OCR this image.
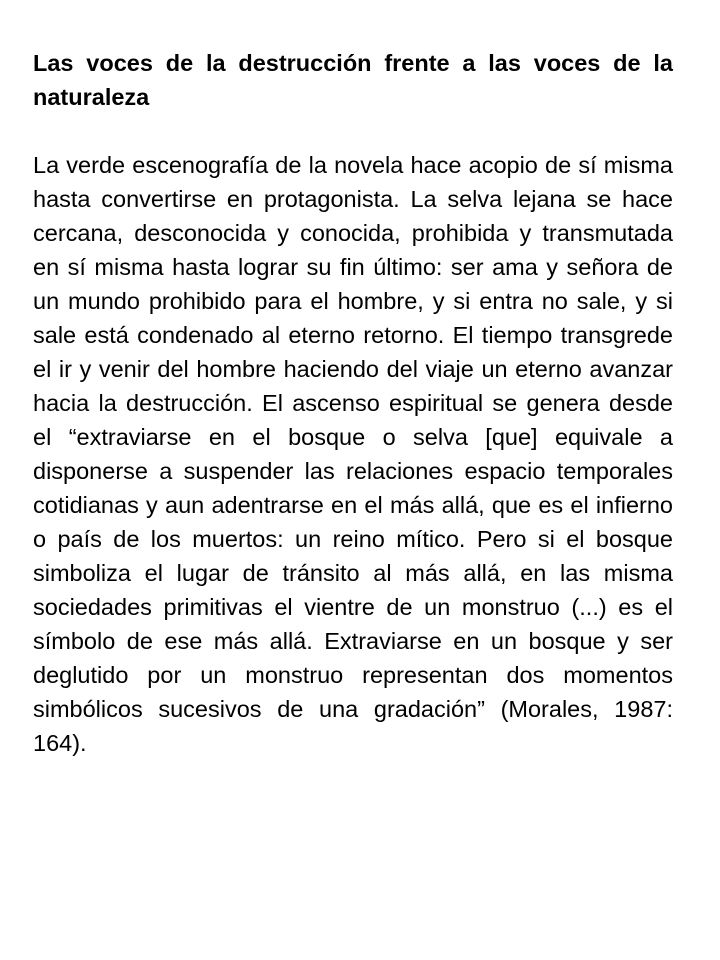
Las voces de la destrucción frente a las voces de la naturaleza

La verde escenografía de la novela hace acopio de sí misma hasta convertirse en protagonista. La selva lejana se hace cercana, desconocida y conocida, prohibida y transmutada en sí misma hasta lograr su fin último: ser ama y señora de un mundo prohibido para el hombre, y si entra no sale, y si sale está condenado al eterno retorno. El tiempo transgrede el ir y venir del hombre haciendo del viaje un eterno avanzar hacia la destrucción. El ascenso espiritual se genera desde el “extraviarse en el bosque o selva [que] equivale a disponerse a suspender las relaciones espacio temporales cotidianas y aun adentrarse en el más allá, que es el infierno o país de los muertos: un reino mítico. Pero si el bosque simboliza el lugar de tránsito al más allá, en las misma sociedades primitivas el vientre de un monstruo (...) es el símbolo de ese más allá. Extraviarse en un bosque y ser deglutido por un monstruo representan dos momentos simbólicos sucesivos de una gradación” (Morales, 1987: 164).
